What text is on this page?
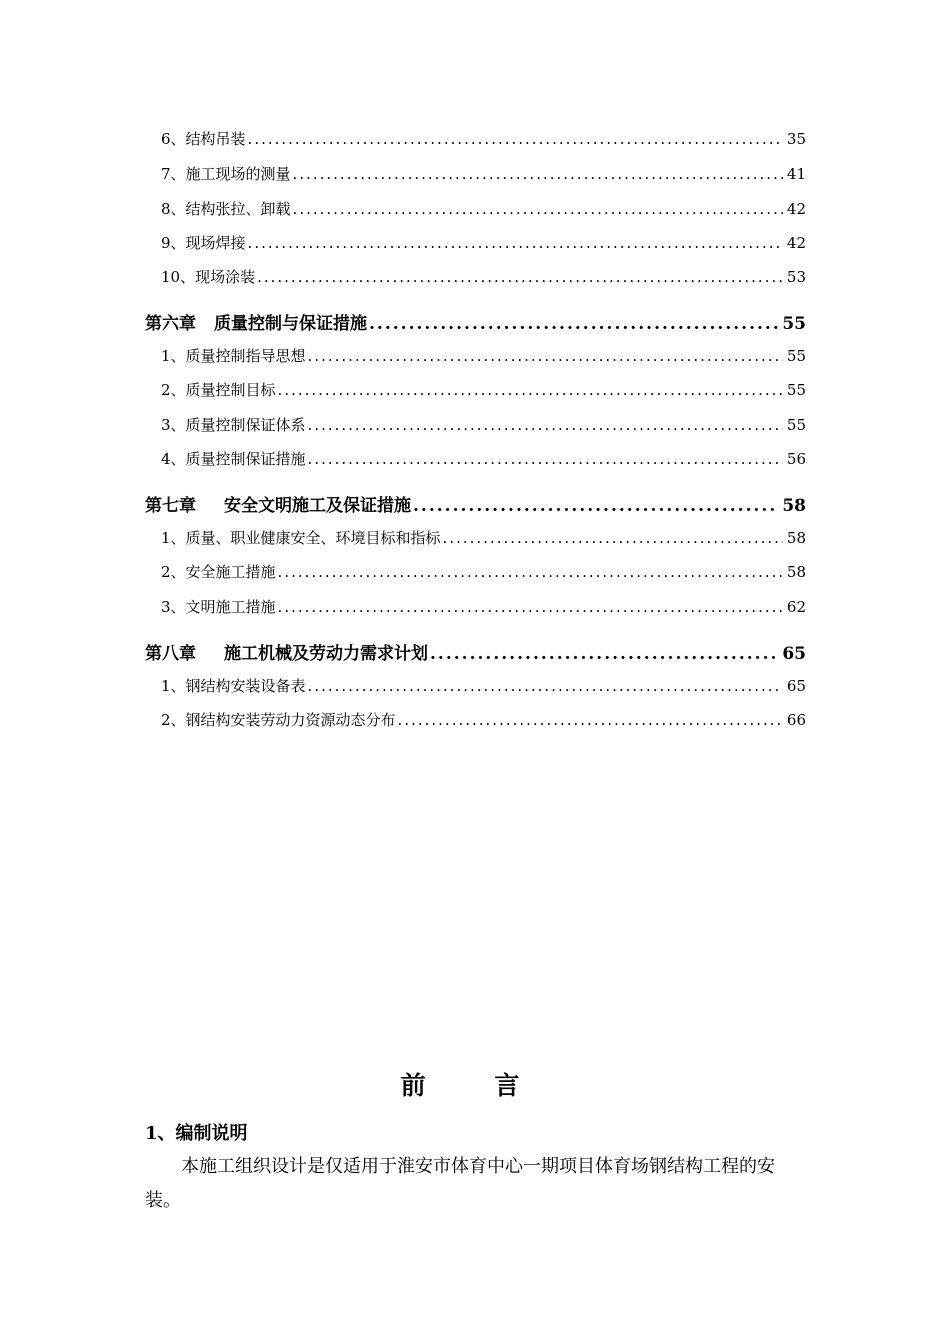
6、结构吊装 .....	35
7、施工现场的测量 .....	41
8、结构张拉、卸载 .....	42
9、现场焊接 .....	42
10、现场涂装 .....	53
第六章 质量控制与保证措施 .....	55
1、质量控制指导思想 .....	55
2、质量控制目标 .....	55
3、质量控制保证体系 .....	55
4、质量控制保证措施 .....	56
第七章 安全文明施工及保证措施 .....	58
1、质量、职业健康安全、环境目标和指标 .....	58
2、安全施工措施 .....	58
3、文明施工措施 .....	62
第八章 施工机械及劳动力需求计划 .....	65
1、钢结构安装设备表 .....	65
2、钢结构安装劳动力资源动态分布 .....	66
前 言
1、编制说明
本施工组织设计是仅适用于淮安市体育中心一期项目体育场钢结构工程的安装。
